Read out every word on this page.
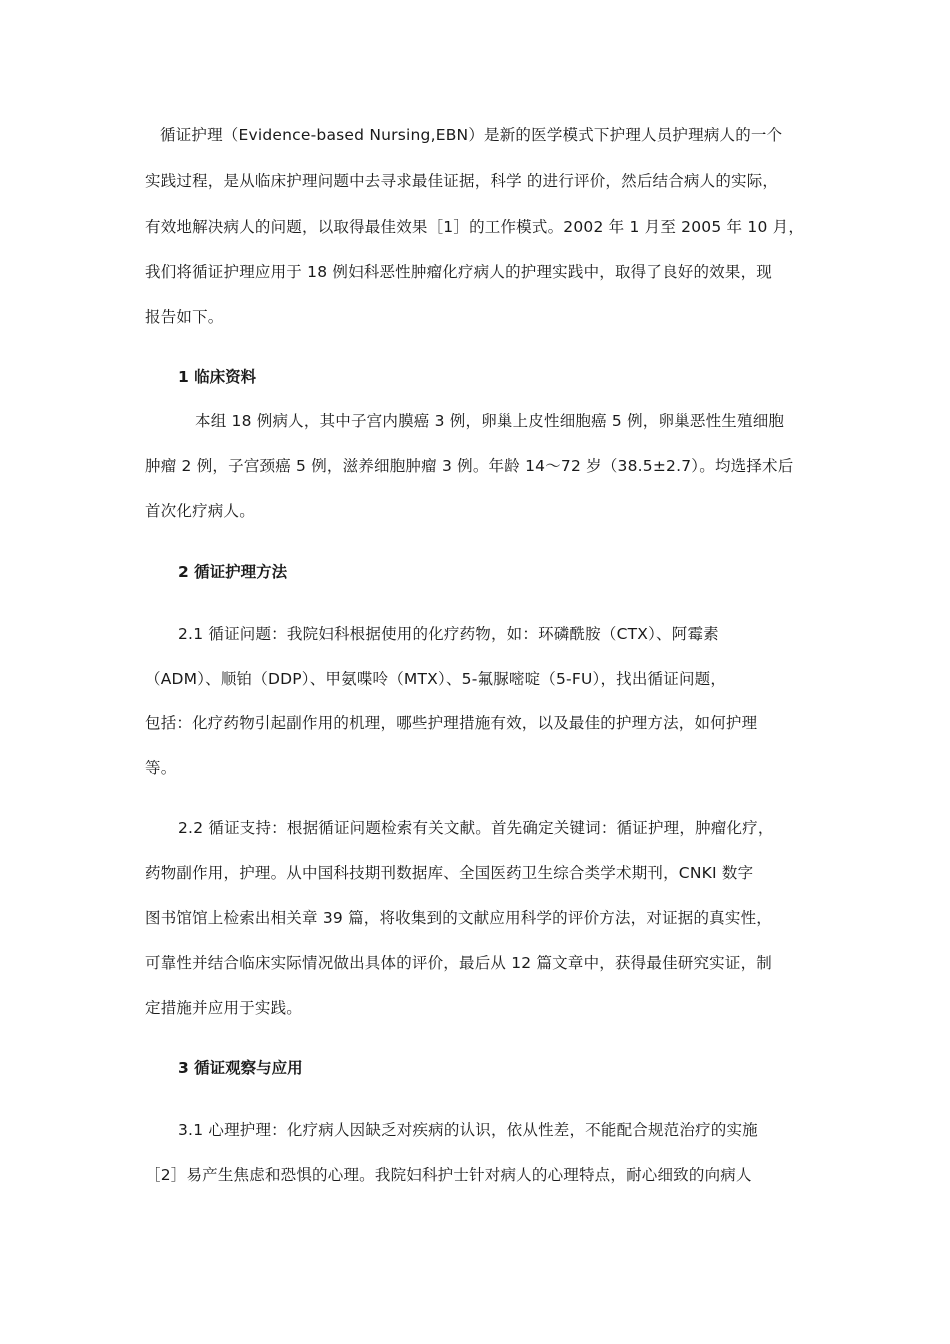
循证护理（Evidence-based Nursing,EBN）是新的医学模式下护理人员护理病人的一个
实践过程，是从临床护理问题中去寻求最佳证据，科学 的进行评价，然后结合病人的实际，
有效地解决病人的问题，以取得最佳效果［1］的工作模式。2002 年 1 月至 2005 年 10 月，
我们将循证护理应用于 18 例妇科恶性肿瘤化疗病人的护理实践中，取得了良好的效果，现
报告如下。
1 临床资料
本组 18 例病人，其中子宫内膜癌 3 例，卵巢上皮性细胞癌 5 例，卵巢恶性生殖细胞
肿瘤 2 例，子宫颈癌 5 例，滋养细胞肿瘤 3 例。年龄 14～72 岁（38.5±2.7）。均选择术后
首次化疗病人。
2 循证护理方法
2.1 循证问题：我院妇科根据使用的化疗药物，如：环磷酰胺（CTX）、阿霉素
（ADM）、顺铂（DDP）、甲氨喋呤（MTX）、5-氟脲嘧啶（5-FU），找出循证问题，
包括：化疗药物引起副作用的机理，哪些护理措施有效，以及最佳的护理方法，如何护理
等。
2.2 循证支持：根据循证问题检索有关文献。首先确定关键词：循证护理，肿瘤化疗，
药物副作用，护理。从中国科技期刊数据库、全国医药卫生综合类学术期刊，CNKI 数字
图书馆馆上检索出相关章 39 篇，将收集到的文献应用科学的评价方法，对证据的真实性，
可靠性并结合临床实际情况做出具体的评价，最后从 12 篇文章中，获得最佳研究实证，制
定措施并应用于实践。
3 循证观察与应用
3.1 心理护理：化疗病人因缺乏对疾病的认识，依从性差，不能配合规范治疗的实施
［2］易产生焦虑和恐惧的心理。我院妇科护士针对病人的心理特点，耐心细致的向病人
